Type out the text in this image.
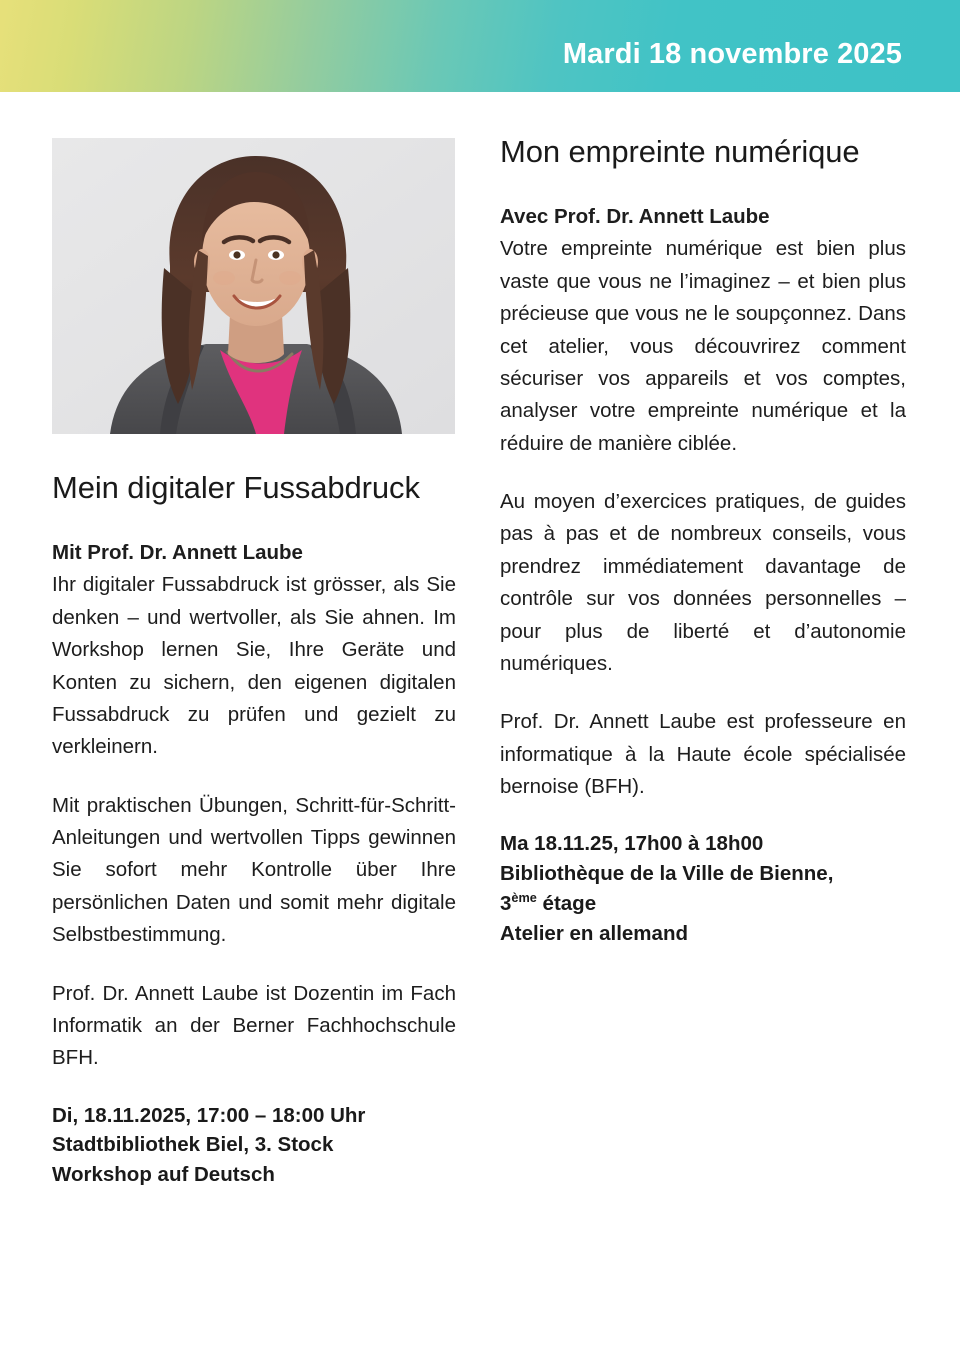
Mardi 18 novembre 2025
Mein digitaler Fussabdruck

Mit Prof. Dr. Annett Laube
Ihr digitaler Fussabdruck ist grösser, als Sie denken – und wertvoller, als Sie ahnen. Im Workshop lernen Sie, Ihre Geräte und Konten zu sichern, den eigenen digitalen Fussabdruck zu prüfen und gezielt zu verkleinern.

Mit praktischen Übungen, Schritt-für-Schritt-Anleitungen und wertvollen Tipps gewinnen Sie sofort mehr Kontrolle über Ihre persönlichen Daten und somit mehr digitale Selbstbestimmung.

Prof. Dr. Annett Laube ist Dozentin im Fach Informatik an der Berner Fachhochschule BFH.

Di, 18.11.2025, 17:00 – 18:00 Uhr
Stadtbibliothek Biel, 3. Stock
Workshop auf Deutsch

Mon empreinte numérique

Avec Prof. Dr. Annett Laube
Votre empreinte numérique est bien plus vaste que vous ne l’imaginez – et bien plus précieuse que vous ne le soupçonnez. Dans cet atelier, vous découvrirez comment sécuriser vos appareils et vos comptes, analyser votre empreinte numérique et la réduire de manière ciblée.

Au moyen d’exercices pratiques, de guides pas à pas et de nombreux conseils, vous prendrez immédiatement davantage de contrôle sur vos données personnelles – pour plus de liberté et d’autonomie numériques.

Prof. Dr. Annett Laube est professeure en informatique à la Haute école spécialisée bernoise (BFH).

Ma 18.11.25, 17h00 à 18h00
Bibliothèque de la Ville de Bienne,
3ème étage
Atelier en allemand
